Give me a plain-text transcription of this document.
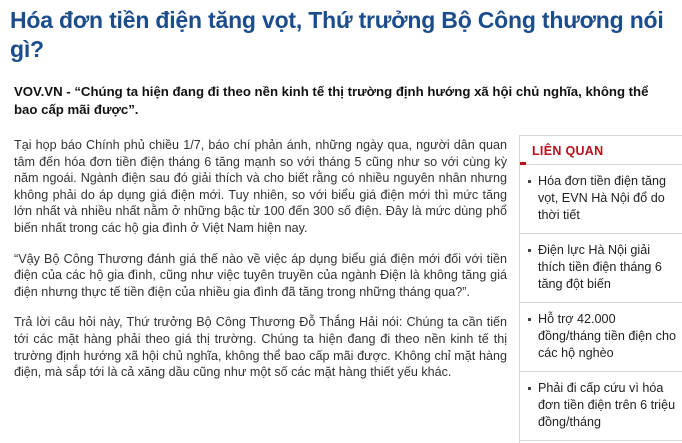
Hóa đơn tiền điện tăng vọt, Thứ trưởng Bộ Công thương nói gì?

VOV.VN - “Chúng ta hiện đang đi theo nền kinh tế thị trường định hướng xã hội chủ nghĩa, không thể bao cấp mãi được”.

Tại họp báo Chính phủ chiều 1/7, báo chí phản ánh, những ngày qua, người dân quan tâm đến hóa đơn tiền điện tháng 6 tăng mạnh so với tháng 5 cũng như so với cùng kỳ năm ngoái. Ngành điện sau đó giải thích và cho biết rằng có nhiều nguyên nhân nhưng không phải do áp dụng giá điện mới. Tuy nhiên, so với biểu giá điện mới thì mức tăng lớn nhất và nhiều nhất nằm ở những bậc từ 100 đến 300 số điện. Đây là mức dùng phổ biến nhất trong các hộ gia đình ở Việt Nam hiện nay.

“Vậy Bộ Công Thương đánh giá thế nào về việc áp dụng biểu giá điện mới đối với tiền điện của các hộ gia đình, cũng như việc tuyên truyền của ngành Điện là không tăng giá điện nhưng thực tế tiền điện của nhiều gia đình đã tăng trong những tháng qua?”.

Trả lời câu hỏi này, Thứ trưởng Bộ Công Thương Đỗ Thắng Hải nói: Chúng ta cần tiến tới các mặt hàng phải theo giá thị trường. Chúng ta hiện đang đi theo nền kinh tế thị trường định hướng xã hội chủ nghĩa, không thể bao cấp mãi được. Không chỉ mặt hàng điện, mà sắp tới là cả xăng dầu cũng như một số các mặt hàng thiết yếu khác.

LIÊN QUAN
Hóa đơn tiền điện tăng vọt, EVN Hà Nội đổ do thời tiết
Điện lực Hà Nội giải thích tiền điện tháng 6 tăng đột biến
Hỗ trợ 42.000 đồng/tháng tiền điện cho các hộ nghèo
Phải đi cấp cứu vì hóa đơn tiền điện trên 6 triệu đồng/tháng
